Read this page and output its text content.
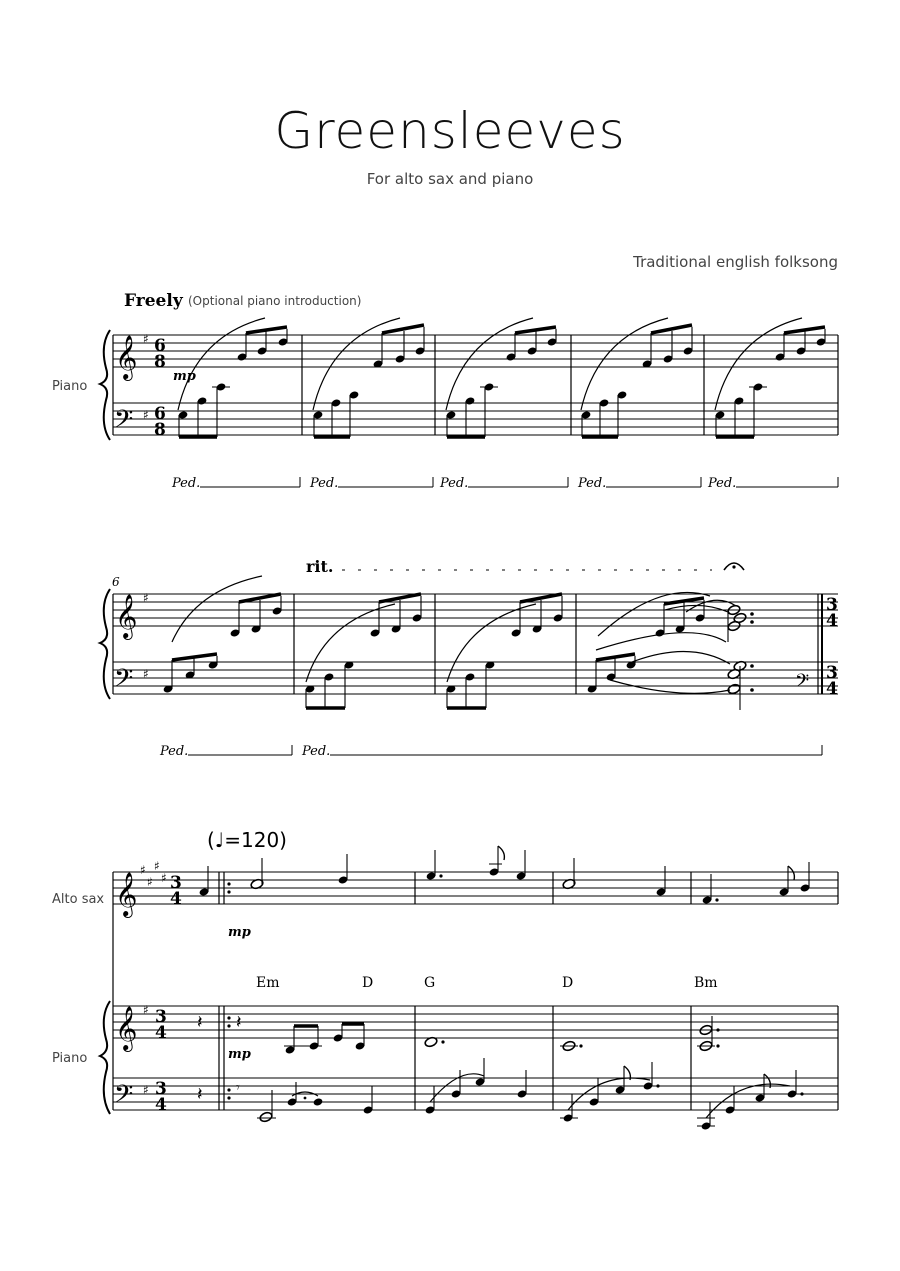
Greensleeves
For alto sax and piano
Traditional english folksong
Freely (Optional piano introduction)
Piano
𝄞
𝄢
♯
♯
6
8
6
8
mp
Ped.	Ped.	Ped.	Ped.	Ped.
6
rit.
𝄞
𝄢
♯
♯
3
4
𝄢 3
4
Ped.	Ped.
(♩=120)
Alto sax 𝄞
♯
♯
♯
♯ 3
4
mp
Em	D	G	D	Bm
Piano
𝄞
𝄢
♯
♯
3
4
3
4
𝄽
𝄽
𝄽
𝄾
mp
